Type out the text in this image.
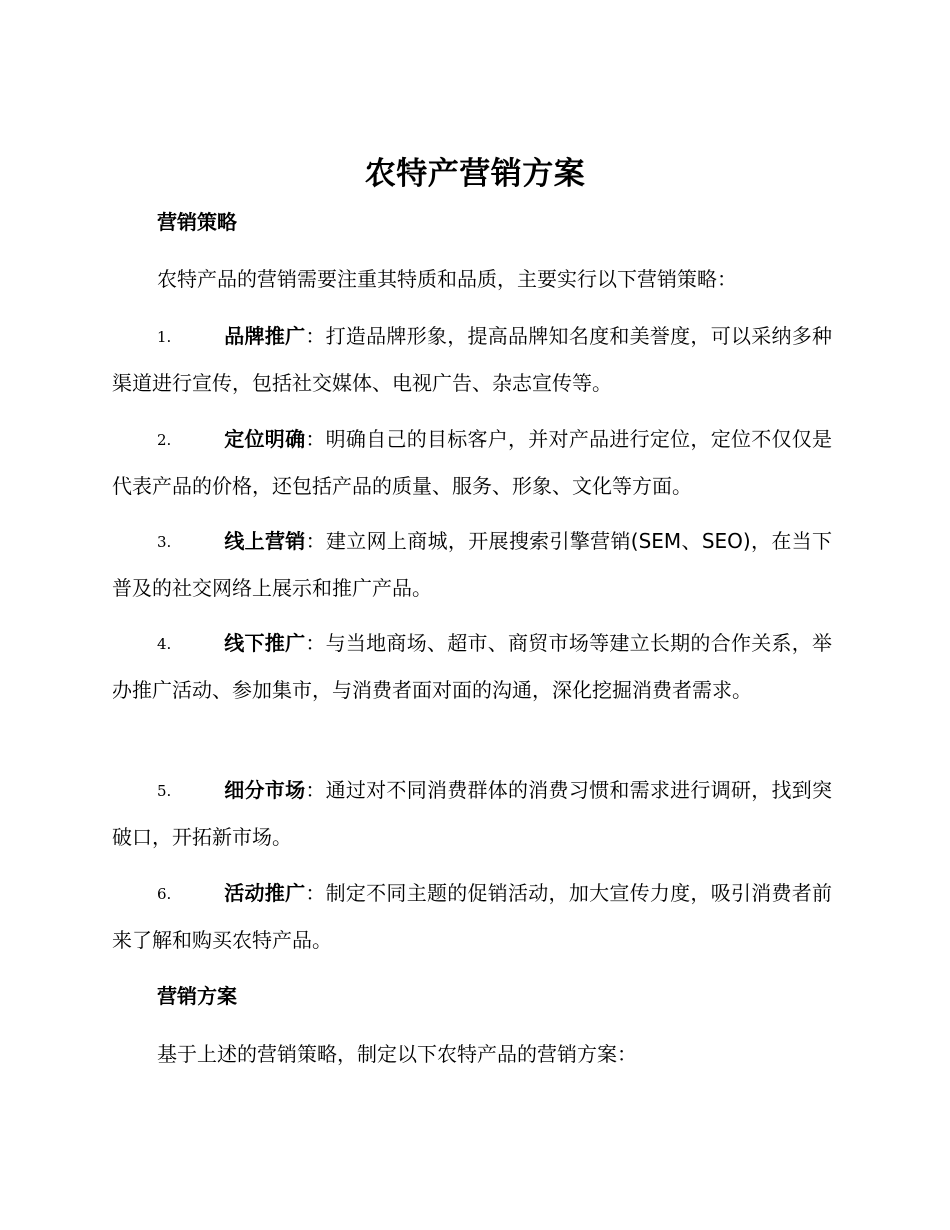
农特产营销方案
营销策略
农特产品的营销需要注重其特质和品质，主要实行以下营销策略：
1.	品牌推广：打造品牌形象，提高品牌知名度和美誉度，可以采纳多种渠道进行宣传，包括社交媒体、电视广告、杂志宣传等。
2.	定位明确：明确自己的目标客户，并对产品进行定位，定位不仅仅是代表产品的价格，还包括产品的质量、服务、形象、文化等方面。
3.	线上营销：建立网上商城，开展搜索引擎营销(SEM、SEO)，在当下普及的社交网络上展示和推广产品。
4.	线下推广：与当地商场、超市、商贸市场等建立长期的合作关系，举办推广活动、参加集市，与消费者面对面的沟通，深化挖掘消费者需求。
5.	细分市场：通过对不同消费群体的消费习惯和需求进行调研，找到突破口，开拓新市场。
6.	活动推广：制定不同主题的促销活动，加大宣传力度，吸引消费者前来了解和购买农特产品。
营销方案
基于上述的营销策略，制定以下农特产品的营销方案：
